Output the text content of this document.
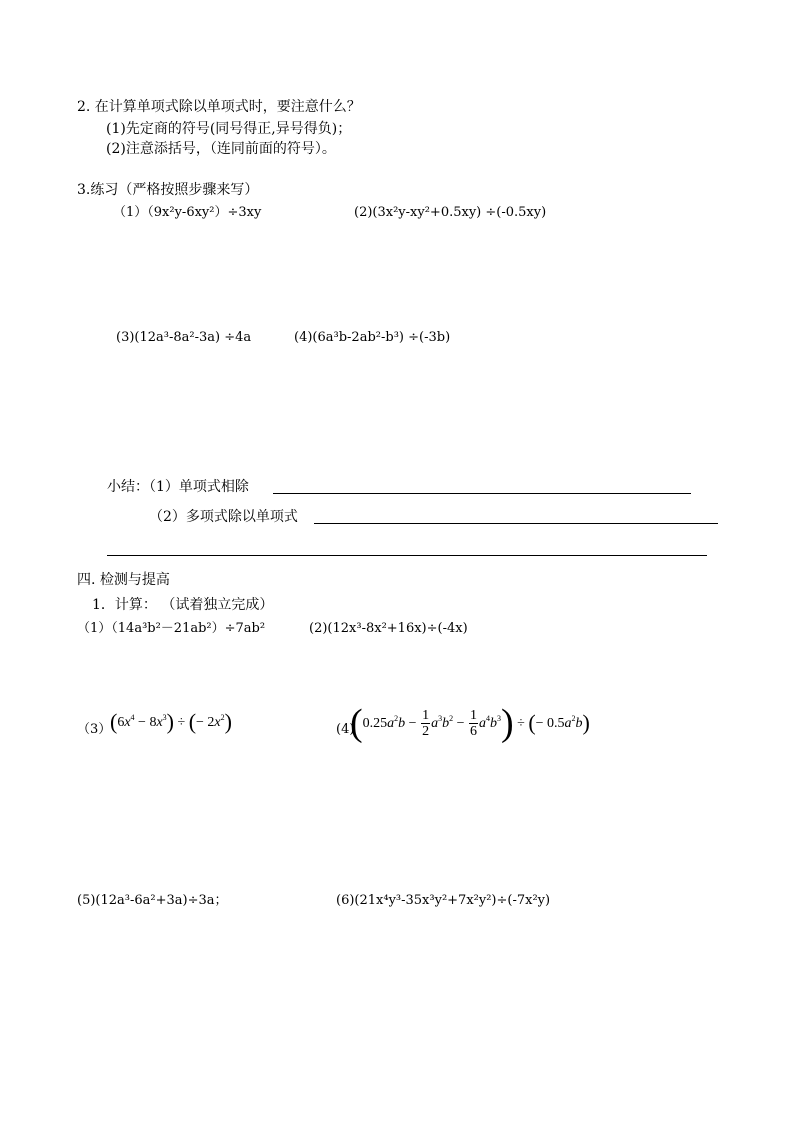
2. 在计算单项式除以单项式时，要注意什么？
(1)先定商的符号(同号得正,异号得负)；
(2)注意添括号，（连同前面的符号）。
3.练习（严格按照步骤来写）
（1）（9x²y-6xy²）÷3xy	(2)(3x²y-xy²+0.5xy) ÷(-0.5xy)
(3)(12a³-8a²-3a) ÷4a	(4)(6a³b-2ab²-b³) ÷(-3b)
小结：（1）单项式相除
（2）多项式除以单项式
四. 检测与提高
1．计算： （试着独立完成）
（1）（14a³b²－21ab²）÷7ab²	(2)(12x³-8x²+16x)÷(-4x)
（3）
$(6x^4 - 8x^3)$ ÷ (− $2x^2$)	(4)
$(0.25a^2b - \frac{1}{2} a^3b^2 - \frac{1}{6} a^4b^3)$ ÷ (− $0.5a^2b$)
(5)(12a³-6a²+3a)÷3a；	(6)(21x⁴y³-35x³y²+7x²y²)÷(-7x²y)
